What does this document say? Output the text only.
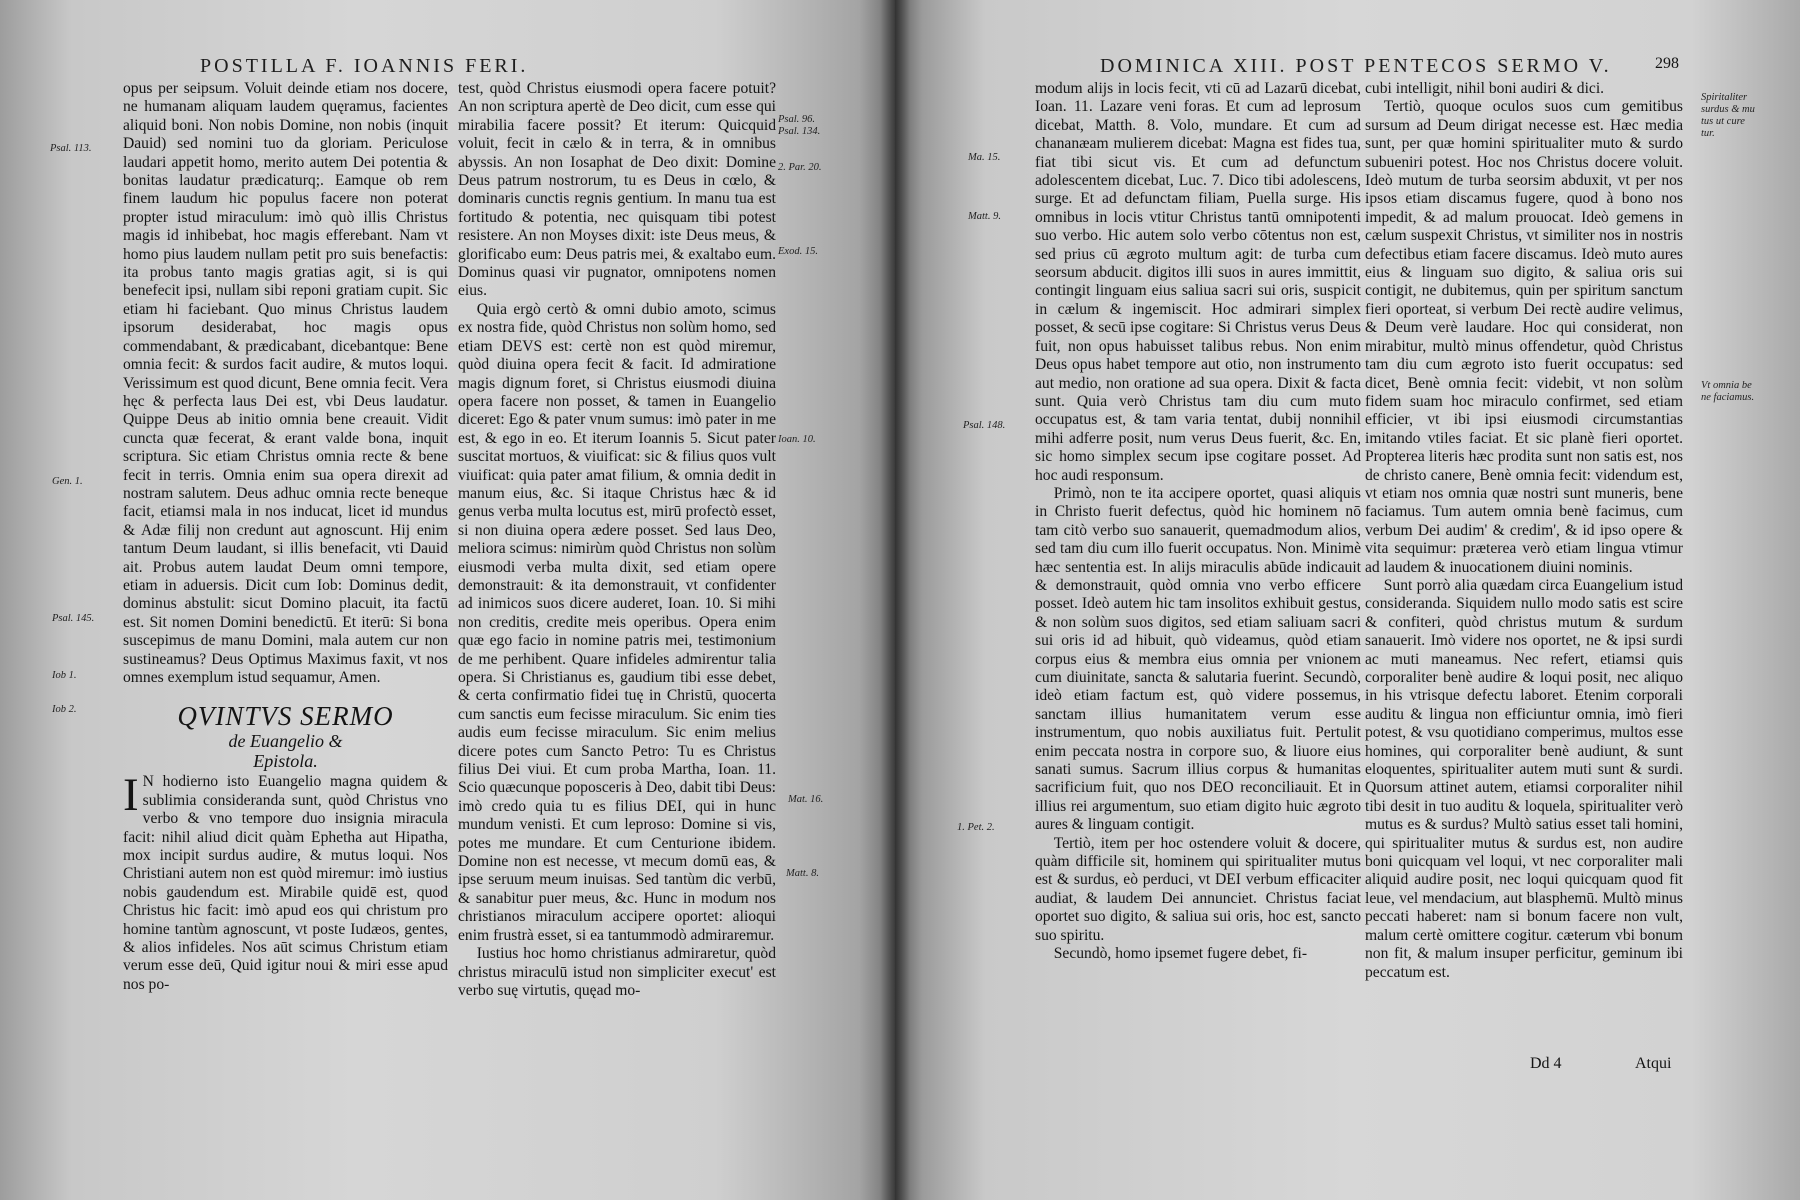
POSTILLA F. IOANNIS FERI.

opus per seipsum. Voluit deinde etiam nos docere, ne humanam aliquam laudem quęramus, facientes aliquid boni. Non nobis Domine, non nobis (inquit Dauid) sed nomini tuo da gloriam. Periculose laudari appetit homo, merito autem Dei potentia & bonitas laudatur prædicaturq;. Eamque ob rem finem laudum hic populus facere non poterat propter istud miraculum: imò quò illis Christus magis id inhibebat, hoc magis efferebant. Nam vt homo pius laudem nullam petit pro suis benefactis: ita probus tanto magis gratias agit, si is qui benefecit ipsi, nullam sibi reponi gratiam cupit. Sic etiam hi faciebant. Quo minus Christus laudem ipsorum desiderabat, hoc magis opus commendabant, & prædicabant, dicebantque: Bene omnia fecit: & surdos facit audire, & mutos loqui. Verissimum est quod dicunt, Bene omnia fecit. Vera hęc & perfecta laus Dei est, vbi Deus laudatur. Quippe Deus ab initio omnia bene creauit. Vidit cuncta quæ fecerat, & erant valde bona, inquit scriptura. Sic etiam Christus omnia recte & bene fecit in terris. Omnia enim sua opera direxit ad nostram salutem. Deus adhuc omnia recte beneque facit, etiamsi mala in nos inducat, licet id mundus & Adæ filij non credunt aut agnoscunt. Hij enim tantum Deum laudant, si illis benefacit, vti Dauid ait. Probus autem laudat Deum omni tempore, etiam in aduersis. Dicit cum Iob: Dominus dedit, dominus abstulit: sicut Domino placuit, ita factū est. Sit nomen Domini benedictū. Et iterū: Si bona suscepimus de manu Domini, mala autem cur non sustineamus? Deus Optimus Maximus faxit, vt nos omnes exemplum istud sequamur, Amen.

QVINTVS SERMO
de Euangelio &
Epistola.

I N hodierno isto Euangelio magna quidem & sublimia consideranda sunt, quòd Christus vno verbo & vno tempore duo insignia miracula facit: nihil aliud dicit quàm Ephetha aut Hipatha, mox incipit surdus audire, & mutus loqui. Nos Christiani autem non est quòd miremur: imò iustius nobis gaudendum est. Mirabile quidē est, quod Christus hic facit: imò apud eos qui christum pro homine tantùm agnoscunt, vt poste Iudæos, gentes, & alios infideles. Nos aūt scimus Christum etiam verum esse deū, Quid igitur noui & miri esse apud nos po-

test, quòd Christus eiusmodi opera facere potuit? An non scriptura apertè de Deo dicit, cum esse qui mirabilia facere possit? Et iterum: Quicquid voluit, fecit in cælo & in terra, & in omnibus abyssis. An non Iosaphat de Deo dixit: Domine Deus patrum nostrorum, tu es Deus in cœlo, & dominaris cunctis regnis gentium. In manu tua est fortitudo & potentia, nec quisquam tibi potest resistere. An non Moyses dixit: iste Deus meus, & glorificabo eum: Deus patris mei, & exaltabo eum. Dominus quasi vir pugnator, omnipotens nomen eius.

Quia ergò certò & omni dubio amoto, scimus ex nostra fide, quòd Christus non solùm homo, sed etiam DEVS est: certè non est quòd miremur, quòd diuina opera fecit & facit. Id admiratione magis dignum foret, si Christus eiusmodi diuina opera facere non posset, & tamen in Euangelio diceret: Ego & pater vnum sumus: imò pater in me est, & ego in eo. Et iterum Ioannis 5. Sicut pater suscitat mortuos, & viuificat: sic & filius quos vult viuificat: quia pater amat filium, & omnia dedit in manum eius, &c. Si itaque Christus hæc & id genus verba multa locutus est, mirū profectò esset, si non diuina opera ædere posset. Sed laus Deo, meliora scimus: nimirùm quòd Christus non solùm eiusmodi verba multa dixit, sed etiam opere demonstrauit: & ita demonstrauit, vt confidenter ad inimicos suos dicere auderet, Ioan. 10. Si mihi non creditis, credite meis operibus. Opera enim quæ ego facio in nomine patris mei, testimonium de me perhibent. Quare infideles admirentur talia opera. Si Christianus es, gaudium tibi esse debet, & certa confirmatio fidei tuę in Christū, quocerta cum sanctis eum fecisse miraculum. Sic enim ties audis eum fecisse miraculum. Sic enim melius dicere potes cum Sancto Petro: Tu es Christus filius Dei viui. Et cum proba Martha, Ioan. 11. Scio quæcunque poposceris à Deo, dabit tibi Deus: imò credo quia tu es filius DEI, qui in hunc mundum venisti. Et cum leproso: Domine si vis, potes me mundare. Et cum Centurione ibidem. Domine non est necesse, vt mecum domū eas, & ipse seruum meum inuisas. Sed tantùm dic verbū, & sanabitur puer meus, &c. Hunc in modum nos christianos miraculum accipere oportet: alioqui enim frustrà esset, si ea tantummodò admiraremur.

Iustius hoc homo christianus admiraretur, quòd christus miraculū istud non simpliciter execut' est verbo suę virtutis, quęad mo-

Psal. 113.
Gen. 1.
Psal. 145.
Iob 1.
Iob 2.
Psal. 96.
Psal. 134.
2. Par. 20.
Exod. 15.
Ioan. 10.
Mat. 16.
Matt. 8.
DOMINICA XIII. POST PENTECOS SERMO V.	298

modum alijs in locis fecit, vti cū ad Lazarū dicebat, Ioan. 11. Lazare veni foras. Et cum ad leprosum dicebat, Matth. 8. Volo, mundare. Et cum ad chananæam mulierem dicebat: Magna est fides tua, fiat tibi sicut vis. Et cum ad defunctum adolescentem dicebat, Luc. 7. Dico tibi adolescens, surge. Et ad defunctam filiam, Puella surge. His omnibus in locis vtitur Christus tantū omnipotenti suo verbo. Hic autem solo verbo cōtentus non est, sed prius cū ægroto multum agit: de turba cum seorsum abducit. digitos illi suos in aures immittit, contingit linguam eius saliua sacri sui oris, suspicit in cælum & ingemiscit. Hoc admirari simplex posset, & secū ipse cogitare: Si Christus verus Deus fuit, non opus habuisset talibus rebus. Non enim Deus opus habet tempore aut otio, non instrumento aut medio, non oratione ad sua opera. Dixit & facta sunt. Quia verò Christus tam diu cum muto occupatus est, & tam varia tentat, dubij nonnihil mihi adferre posit, num verus Deus fuerit, &c. En, sic homo simplex secum ipse cogitare posset. Ad hoc audi responsum.

Primò, non te ita accipere oportet, quasi aliquis in Christo fuerit defectus, quòd hic hominem nō tam citò verbo suo sanauerit, quemadmodum alios, sed tam diu cum illo fuerit occupatus. Non. Minimè hæc sententia est. In alijs miraculis abūde indicauit & demonstrauit, quòd omnia vno verbo efficere posset. Ideò autem hic tam insolitos exhibuit gestus, & non solùm suos digitos, sed etiam saliuam sacri sui oris id ad hibuit, quò videamus, quòd etiam corpus eius & membra eius omnia per vnionem cum diuinitate, sancta & salutaria fuerint. Secundò, ideò etiam factum est, quò videre possemus, sanctam illius humanitatem verum esse instrumentum, quo nobis auxiliatus fuit. Pertulit enim peccata nostra in corpore suo, & liuore eius sanati sumus. Sacrum illius corpus & humanitas sacrificium fuit, quo nos DEO reconciliauit. Et in illius rei argumentum, suo etiam digito huic ægroto aures & linguam contigit.

Tertiò, item per hoc ostendere voluit & docere, quàm difficile sit, hominem qui spiritualiter mutus est & surdus, eò perduci, vt DEI verbum efficaciter audiat, & laudem Dei annunciet. Christus faciat oportet suo digito, & saliua sui oris, hoc est, sancto suo spiritu.

Secundò, homo ipsemet fugere debet, fi-

cubi intelligit, nihil boni audiri & dici.

Tertiò, quoque oculos suos cum gemitibus sursum ad Deum dirigat necesse est. Hæc media sunt, per quæ homini spiritualiter muto & surdo subueniri potest. Hoc nos Christus docere voluit. Ideò mutum de turba seorsim abduxit, vt per nos ipsos etiam discamus fugere, quod à bono nos impedit, & ad malum prouocat. Ideò gemens in cælum suspexit Christus, vt similiter nos in nostris defectibus etiam facere discamus. Ideò muto aures eius & linguam suo digito, & saliua oris sui contigit, ne dubitemus, quin per spiritum sanctum fieri oporteat, si verbum Dei rectè audire velimus, & Deum verè laudare. Hoc qui considerat, non mirabitur, multò minus offendetur, quòd Christus tam diu cum ægroto isto fuerit occupatus: sed dicet, Benè omnia fecit: videbit, vt non solùm fidem suam hoc miraculo confirmet, sed etiam efficier, vt ibi ipsi eiusmodi circumstantias imitando vtiles faciat. Et sic planè fieri oportet. Propterea literis hæc prodita sunt non satis est, nos de christo canere, Benè omnia fecit: videndum est, vt etiam nos omnia quæ nostri sunt muneris, bene faciamus. Tum autem omnia benè facimus, cum verbum Dei audim' & credim', & id ipso opere & vita sequimur: præterea verò etiam lingua vtimur ad laudem & inuocationem diuini nominis.

Sunt porrò alia quædam circa Euangelium istud consideranda. Siquidem nullo modo satis est scire & confiteri, quòd christus mutum & surdum sanauerit. Imò videre nos oportet, ne & ipsi surdi ac muti maneamus. Nec refert, etiamsi quis corporaliter benè audire & loqui posit, nec aliquo in his vtrisque defectu laboret. Etenim corporali auditu & lingua non efficiuntur omnia, imò fieri potest, & vsu quotidiano comperimus, multos esse homines, qui corporaliter benè audiunt, & sunt eloquentes, spiritualiter autem muti sunt & surdi. Quorsum attinet autem, etiamsi corporaliter nihil tibi desit in tuo auditu & loquela, spiritualiter verò mutus es & surdus? Multò satius esset tali homini, qui spiritualiter mutus & surdus est, non audire boni quicquam vel loqui, vt nec corporaliter mali aliquid audire posit, nec loqui quicquam quod fit leue, vel mendacium, aut blasphemū. Multò minus peccati haberet: nam si bonum facere non vult, malum certè omittere cogitur. cæterum vbi bonum non fit, & malum insuper perficitur, geminum ibi peccatum est.

Dd 4	Atqui
Ma. 15.
Matt. 9.
Psal. 148.
1. Pet. 2.
Spiritaliter
surdus & mu
tus ut cure
tur.
Vt omnia be
ne faciamus.
